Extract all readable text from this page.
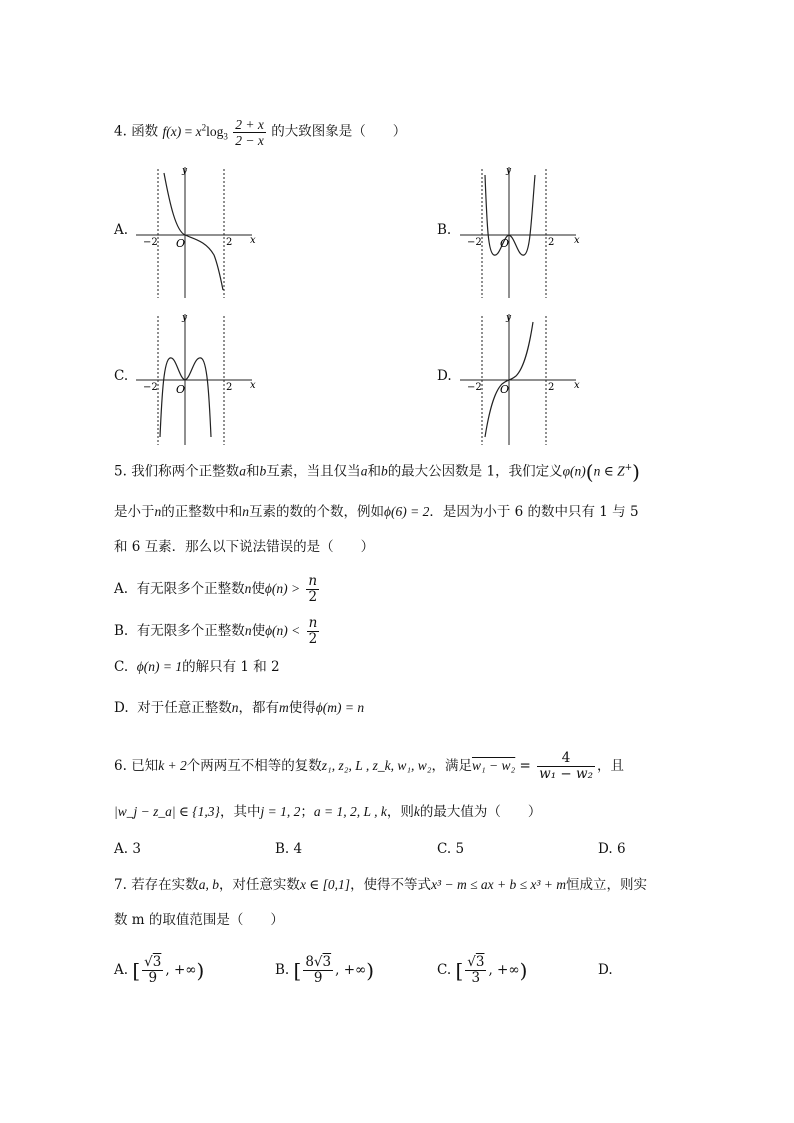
4. 函数 $f(x) = x^2\log_3 \frac{2 + x}{2 - x}$ 的大致图象是（　　）
A.	B.
C.	D.
y
x
O
−2	2
y
x
O
−2	2
y
x
O
−2	2
y
x
O
−2	2
5. 我们称两个正整数a和b互素，当且仅当a和b的最大公因数是 1，我们定义φ(n)(n ∈ Z+)
是小于n的正整数中和n互素的数的个数，例如ϕ(6) = 2．是因为小于 6 的数中只有 1 与 5
和 6 互素．那么以下说法错误的是（　　）
A. 有无限多个正整数n使$\phi(n) > \frac{n}{2}$
B. 有无限多个正整数n使$\phi(n) < \frac{n}{2}$
C. ϕ(n) = 1的解只有 1 和 2
D. 对于任意正整数n，都有m使得ϕ(m) = n
6. 已知k + 2个两两互不相等的复数z₁, z₂, L , z_k, w₁, w₂，满足$w_1 - w_2 = \frac{4}{\text{w₁ − w₂}}$ ，且
|w_j − z_a| ∈ {1,3}，其中j = 1, 2；a = 1, 2, L , k，则k的最大值为（　　）
A. 3	B. 4	C. 5	D. 6
7. 若存在实数a, b，对任意实数x ∈ [0,1]，使得不等式x³ − m ≤ ax + b ≤ x³ + m恒成立，则实
数 m 的取值范围是（　　）
A. [ $\frac{√3}{9}$ , +∞)	B. [ $\frac{8√3}{9}$ , +∞)	C. [ $\frac{√3}{3}$ , +∞)	D.
